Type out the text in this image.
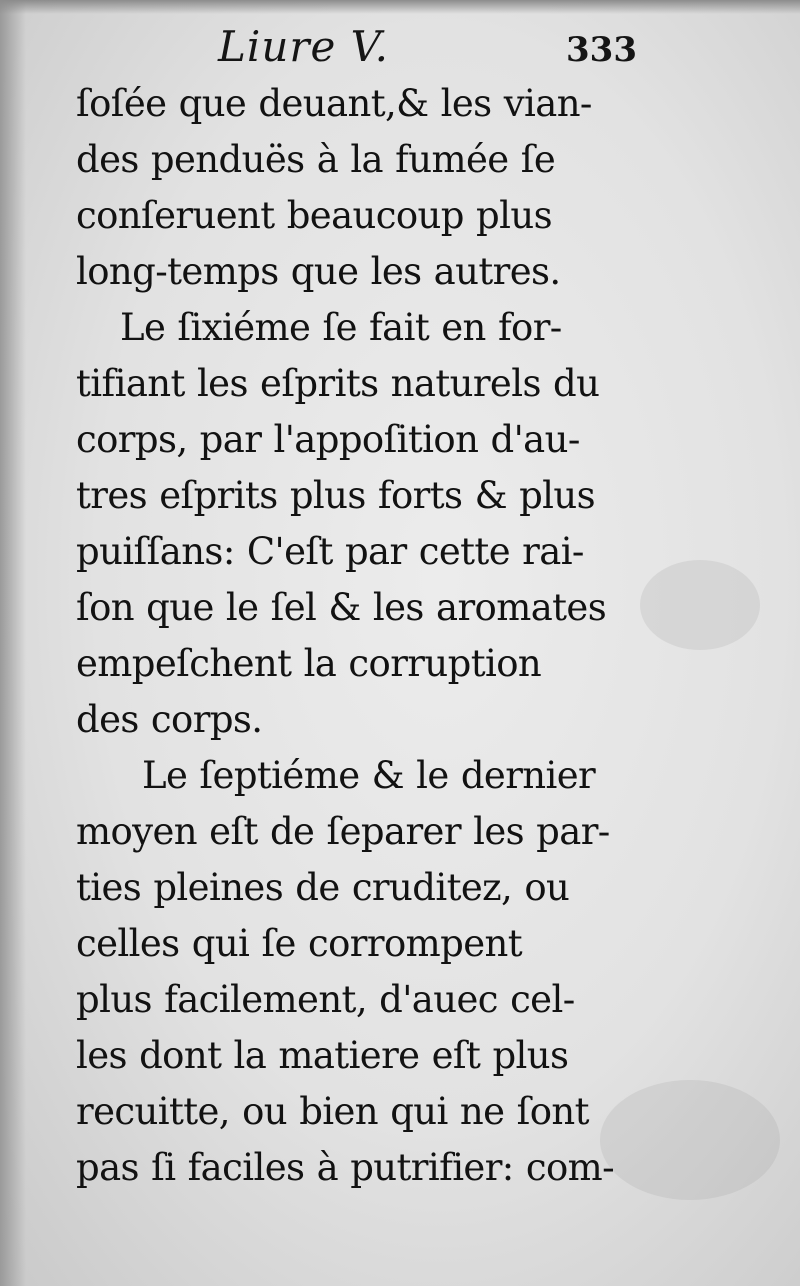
Liure V.	333
ſoſée que deuant,& les vian-
des penduës à la fumée ſe
conſeruent beaucoup plus
long-temps que les autres.
Le ſixiéme ſe fait en for-
tifiant les eſprits naturels du
corps, par l'appoſition d'au-
tres eſprits plus forts & plus
puiſſans: C'eſt par cette rai-
ſon que le ſel & les aromates
empeſchent la corruption
des corps.
Le ſeptiéme & le dernier
moyen eſt de ſeparer les par-
ties pleines de cruditez, ou
celles qui ſe corrompent
plus facilement, d'auec cel-
les dont la matiere eſt plus
recuitte, ou bien qui ne ſont
pas ſi faciles à putrifier: com-
